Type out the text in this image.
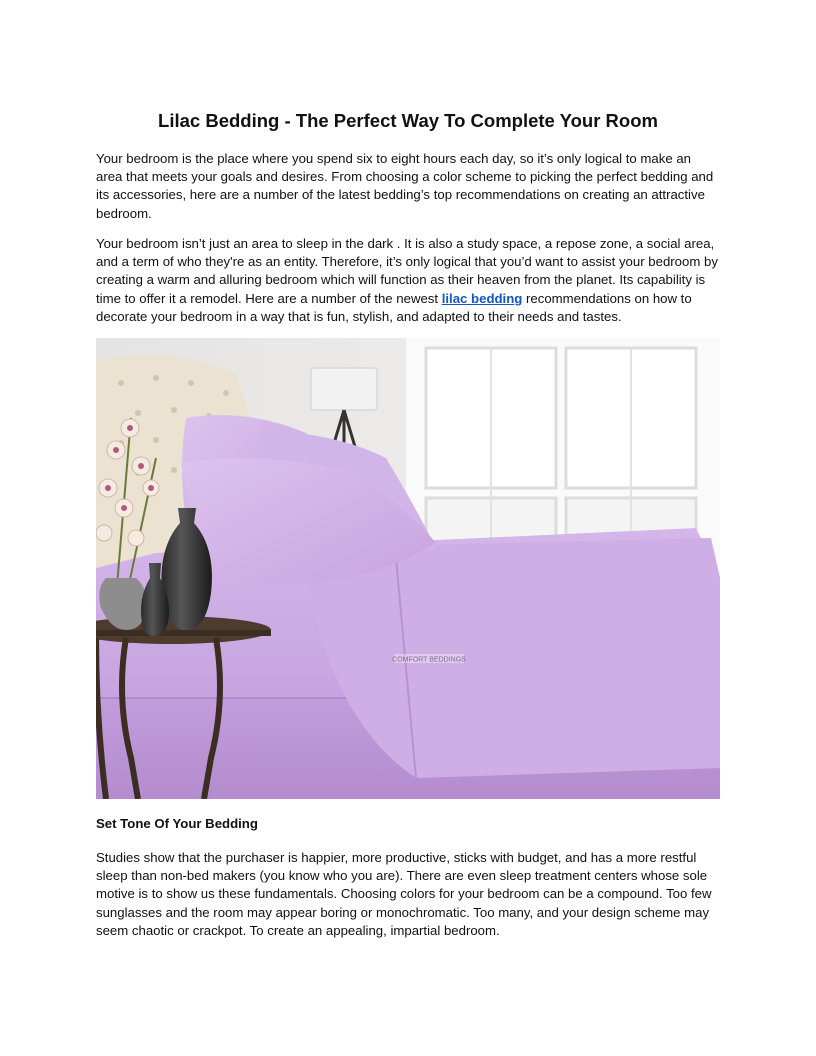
Lilac Bedding - The Perfect Way To Complete Your Room

Your bedroom is the place where you spend six to eight hours each day, so it’s only logical to make an area that meets your goals and desires. From choosing a color scheme to picking the perfect bedding and its accessories, here are a number of the latest bedding’s top recommendations on creating an attractive bedroom.

Your bedroom isn’t just an area to sleep in the dark . It is also a study space, a repose zone, a social area, and a term of who they're as an entity. Therefore, it’s only logical that you’d want to assist your bedroom by creating a warm and alluring bedroom which will function as their heaven from the planet. Its capability is time to offer it a remodel. Here are a number of the newest lilac bedding recommendations on how to decorate your bedroom in a way that is fun, stylish, and adapted to their needs and tastes.

COMFORT BEDDINGS
Set Tone Of Your Bedding

Studies show that the purchaser is happier, more productive, sticks with budget, and has a more restful sleep than non-bed makers (you know who you are). There are even sleep treatment centers whose sole motive is to show us these fundamentals. Choosing colors for your bedroom can be a compound. Too few sunglasses and the room may appear boring or monochromatic. Too many, and your design scheme may seem chaotic or crackpot. To create an appealing, impartial bedroom.
